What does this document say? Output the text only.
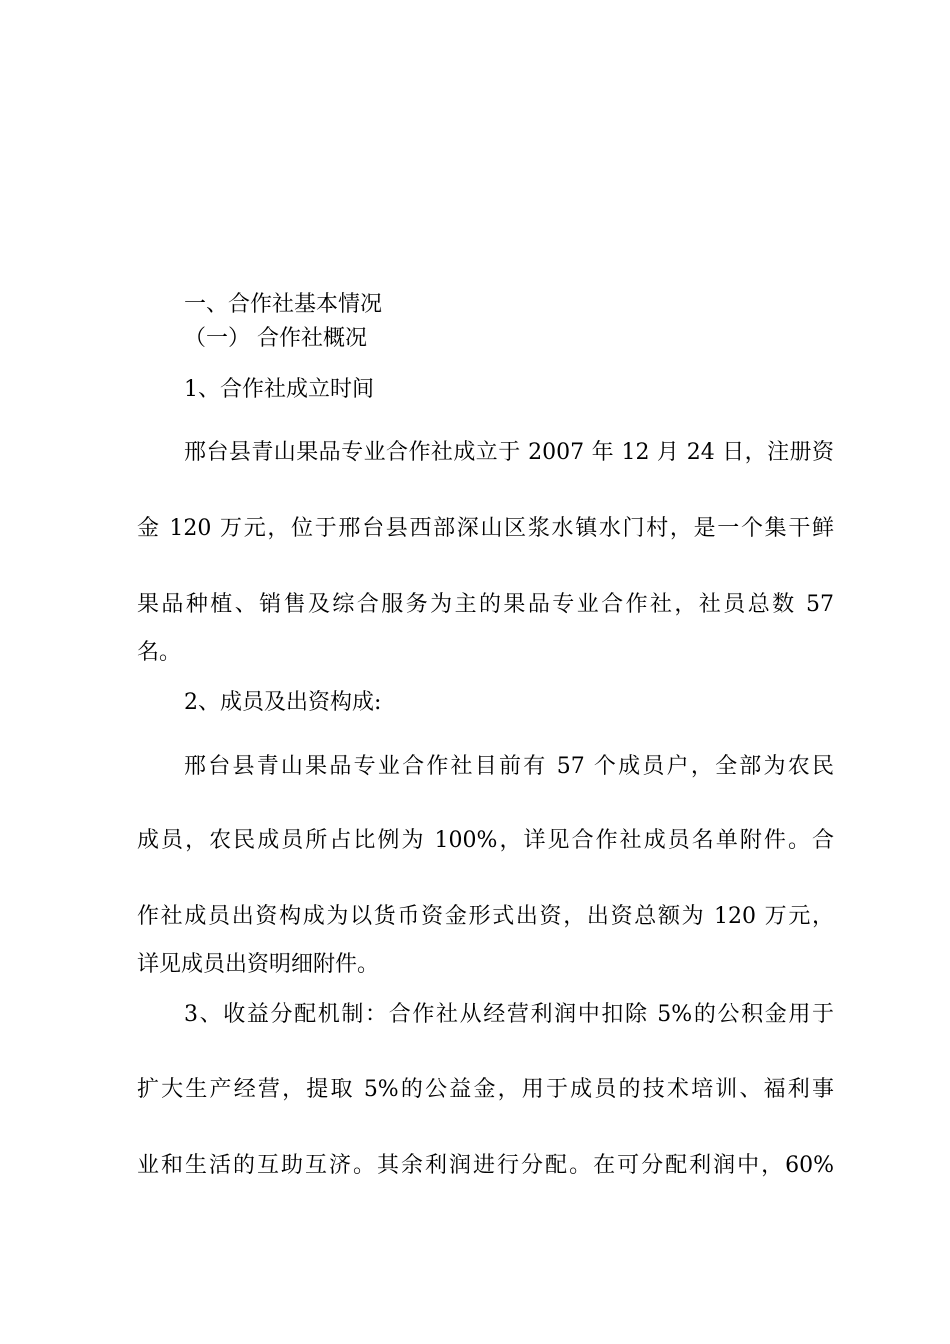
一、合作社基本情况
（一） 合作社概况
1、合作社成立时间
邢台县青山果品专业合作社成立于 2007 年 12 月 24 日，注册资
金 120 万元，位于邢台县西部深山区浆水镇水门村，是一个集干鲜
果品种植、销售及综合服务为主的果品专业合作社，社员总数 57
名。
2、成员及出资构成:
邢台县青山果品专业合作社目前有 57 个成员户，全部为农民
成员，农民成员所占比例为 100%，详见合作社成员名单附件。合
作社成员出资构成为以货币资金形式出资，出资总额为 120 万元，
详见成员出资明细附件。
3、收益分配机制：合作社从经营利润中扣除 5%的公积金用于
扩大生产经营，提取 5%的公益金，用于成员的技术培训、福利事
业和生活的互助互济。其余利润进行分配。在可分配利润中，60%
